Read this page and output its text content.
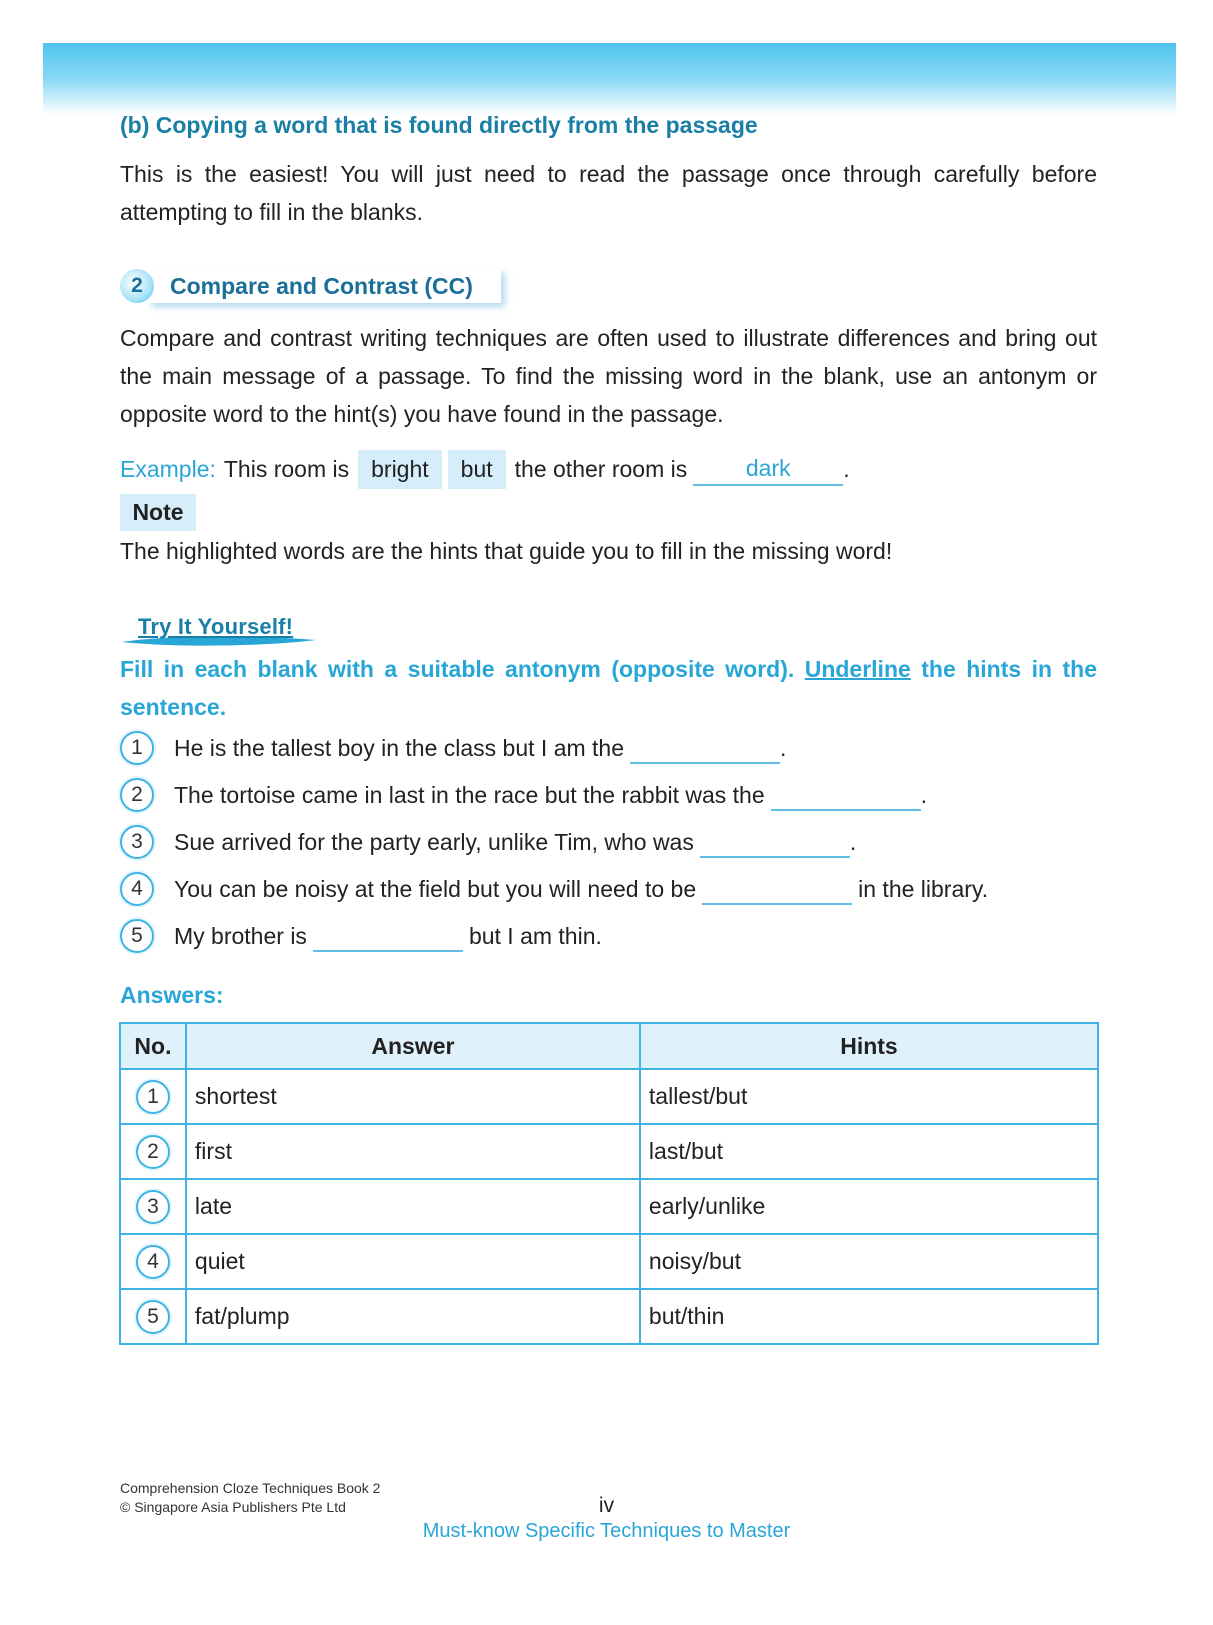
(b) Copying a word that is found directly from the passage
This is the easiest! You will just need to read the passage once through carefully before attempting to fill in the blanks.
2	Compare and Contrast (CC)
Compare and contrast writing techniques are often used to illustrate differences and bring out the main message of a passage. To find the missing word in the blank, use an antonym or opposite word to the hint(s) you have found in the passage.
Example: This room is bright	but the other room is	dark	.
Note
The highlighted words are the hints that guide you to fill in the missing word!
Try It Yourself!
Fill in each blank with a suitable antonym (opposite word). Underline the hints in the sentence.
1	He is the tallest boy in the class but I am the	.
2	The tortoise came in last in the race but the rabbit was the	.
3	Sue arrived for the party early, unlike Tim, who was	.
4	You can be noisy at the field but you will need to be	in the library.
5	My brother is	but I am thin.
Answers:
No.	Answer	Hints

1	shortest	tallest/but

2	first	last/but

3	late	early/unlike

4	quiet	noisy/but

5	fat/plump	but/thin
Comprehension Cloze Techniques Book 2
© Singapore Asia Publishers Pte Ltd	iv
Must-know Specific Techniques to Master
